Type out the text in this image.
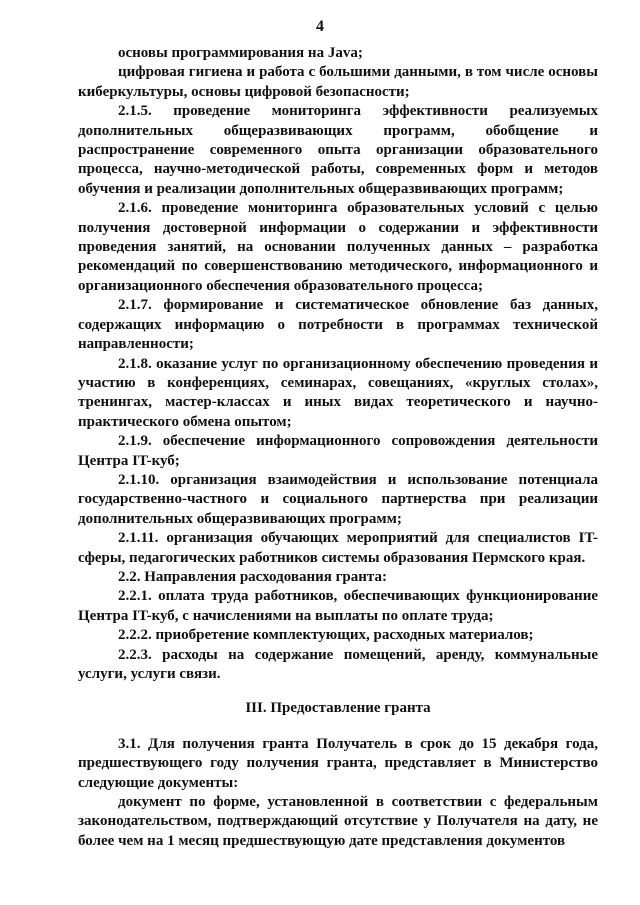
4

основы программирования на Java;

цифровая гигиена и работа с большими данными, в том числе основы киберкультуры, основы цифровой безопасности;

2.1.5. проведение мониторинга эффективности реализуемых дополнительных общеразвивающих программ, обобщение и распространение современного опыта организации образовательного процесса, научно-методической работы, современных форм и методов обучения и реализации дополнительных общеразвивающих программ;

2.1.6. проведение мониторинга образовательных условий с целью получения достоверной информации о содержании и эффективности проведения занятий, на основании полученных данных – разработка рекомендаций по совершенствованию методического, информационного и организационного обеспечения образовательного процесса;

2.1.7. формирование и систематическое обновление баз данных, содержащих информацию о потребности в программах технической направленности;

2.1.8. оказание услуг по организационному обеспечению проведения и участию в конференциях, семинарах, совещаниях, «круглых столах», тренингах, мастер-классах и иных видах теоретического и научно-практического обмена опытом;

2.1.9. обеспечение информационного сопровождения деятельности Центра IT-куб;

2.1.10. организация взаимодействия и использование потенциала государственно-частного и социального партнерства при реализации дополнительных общеразвивающих программ;

2.1.11. организация обучающих мероприятий для специалистов IT-сферы, педагогических работников системы образования Пермского края.

2.2. Направления расходования гранта:

2.2.1. оплата труда работников, обеспечивающих функционирование Центра IT-куб, с начислениями на выплаты по оплате труда;

2.2.2. приобретение комплектующих, расходных материалов;

2.2.3. расходы на содержание помещений, аренду, коммунальные услуги, услуги связи.

III. Предоставление гранта

3.1. Для получения гранта Получатель в срок до 15 декабря года, предшествующего году получения гранта, представляет в Министерство следующие документы:

документ по форме, установленной в соответствии с федеральным законодательством, подтверждающий отсутствие у Получателя на дату, не более чем на 1 месяц предшествующую дате представления документов
